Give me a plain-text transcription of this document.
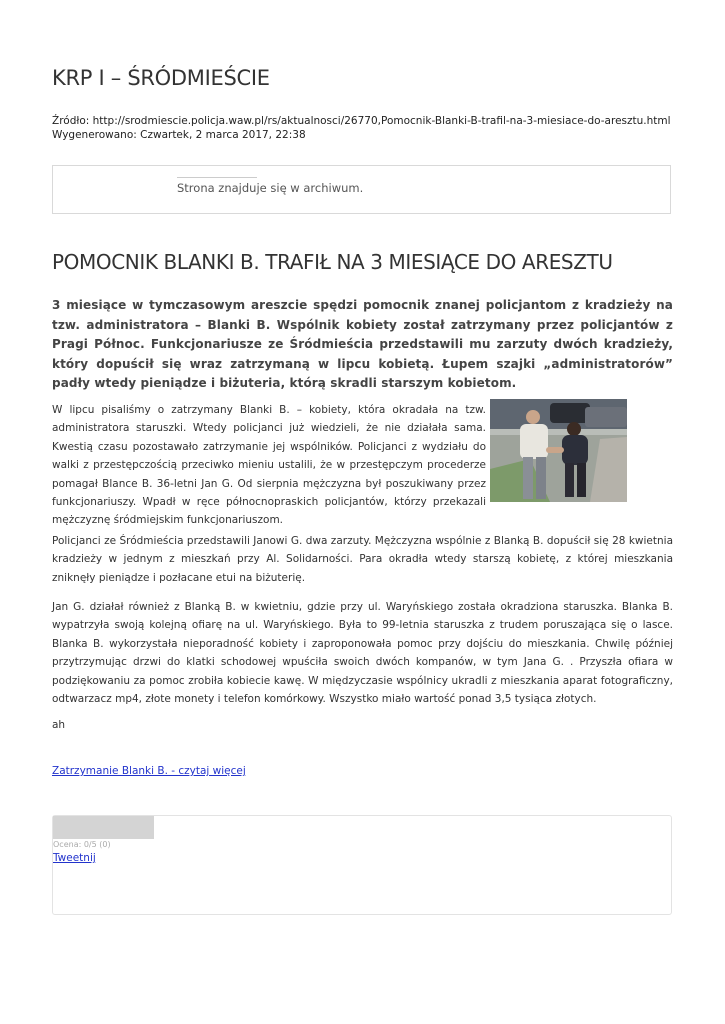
KRP I – ŚRÓDMIEŚCIE
Źródło: http://srodmiescie.policja.waw.pl/rs/aktualnosci/26770,Pomocnik-Blanki-B-trafil-na-3-miesiace-do-aresztu.html
Wygenerowano: Czwartek, 2 marca 2017, 22:38
Strona znajduje się w archiwum.
POMOCNIK BLANKI B. TRAFIŁ NA 3 MIESIĄCE DO ARESZTU
3 miesiące w tymczasowym areszcie spędzi pomocnik znanej policjantom z kradzieży na tzw. administratora – Blanki B. Wspólnik kobiety został zatrzymany przez policjantów z Pragi Północ. Funkcjonariusze ze Śródmieścia przedstawili mu zarzuty dwóch kradzieży, który dopuścił się wraz zatrzymaną w lipcu kobietą. Łupem szajki „administratorów” padły wtedy pieniądze i biżuteria, którą skradli starszym kobietom.
W lipcu pisaliśmy o zatrzymany Blanki B. – kobiety, która okradała na tzw. administratora staruszki. Wtedy policjanci już wiedzieli, że nie działała sama. Kwestią czasu pozostawało zatrzymanie jej wspólników. Policjanci z wydziału do walki z przestępczością przeciwko mieniu ustalili, że w przestępczym procederze pomagał Blance B. 36-letni Jan G. Od sierpnia mężczyzna był poszukiwany przez funkcjonariuszy. Wpadł w ręce północnopraskich policjantów, którzy przekazali mężczyznę śródmiejskim funkcjonariuszom.
Policjanci ze Śródmieścia przedstawili Janowi G. dwa zarzuty. Mężczyzna wspólnie z Blanką B. dopuścił się 28 kwietnia kradzieży w jednym z mieszkań przy Al. Solidarności. Para okradła wtedy starszą kobietę, z której mieszkania zniknęły pieniądze i pozłacane etui na biżuterię.
Jan G. działał również z Blanką B. w kwietniu, gdzie przy ul. Waryńskiego została okradziona staruszka. Blanka B. wypatrzyła swoją kolejną ofiarę na ul. Waryńskiego. Była to 99-letnia staruszka z trudem poruszająca się o lasce. Blanka B. wykorzystała nieporadność kobiety i zaproponowała pomoc przy dojściu do mieszkania. Chwilę później przytrzymując drzwi do klatki schodowej wpuściła swoich dwóch kompanów, w tym Jana G. . Przyszła ofiara w podziękowaniu za pomoc zrobiła kobiecie kawę. W międzyczasie wspólnicy ukradli z mieszkania aparat fotograficzny, odtwarzacz mp4, złote monety i telefon komórkowy. Wszystko miało wartość ponad 3,5 tysiąca złotych.
ah
Zatrzymanie Blanki B. - czytaj więcej
Ocena: 0/5 (0)
Tweetnij
